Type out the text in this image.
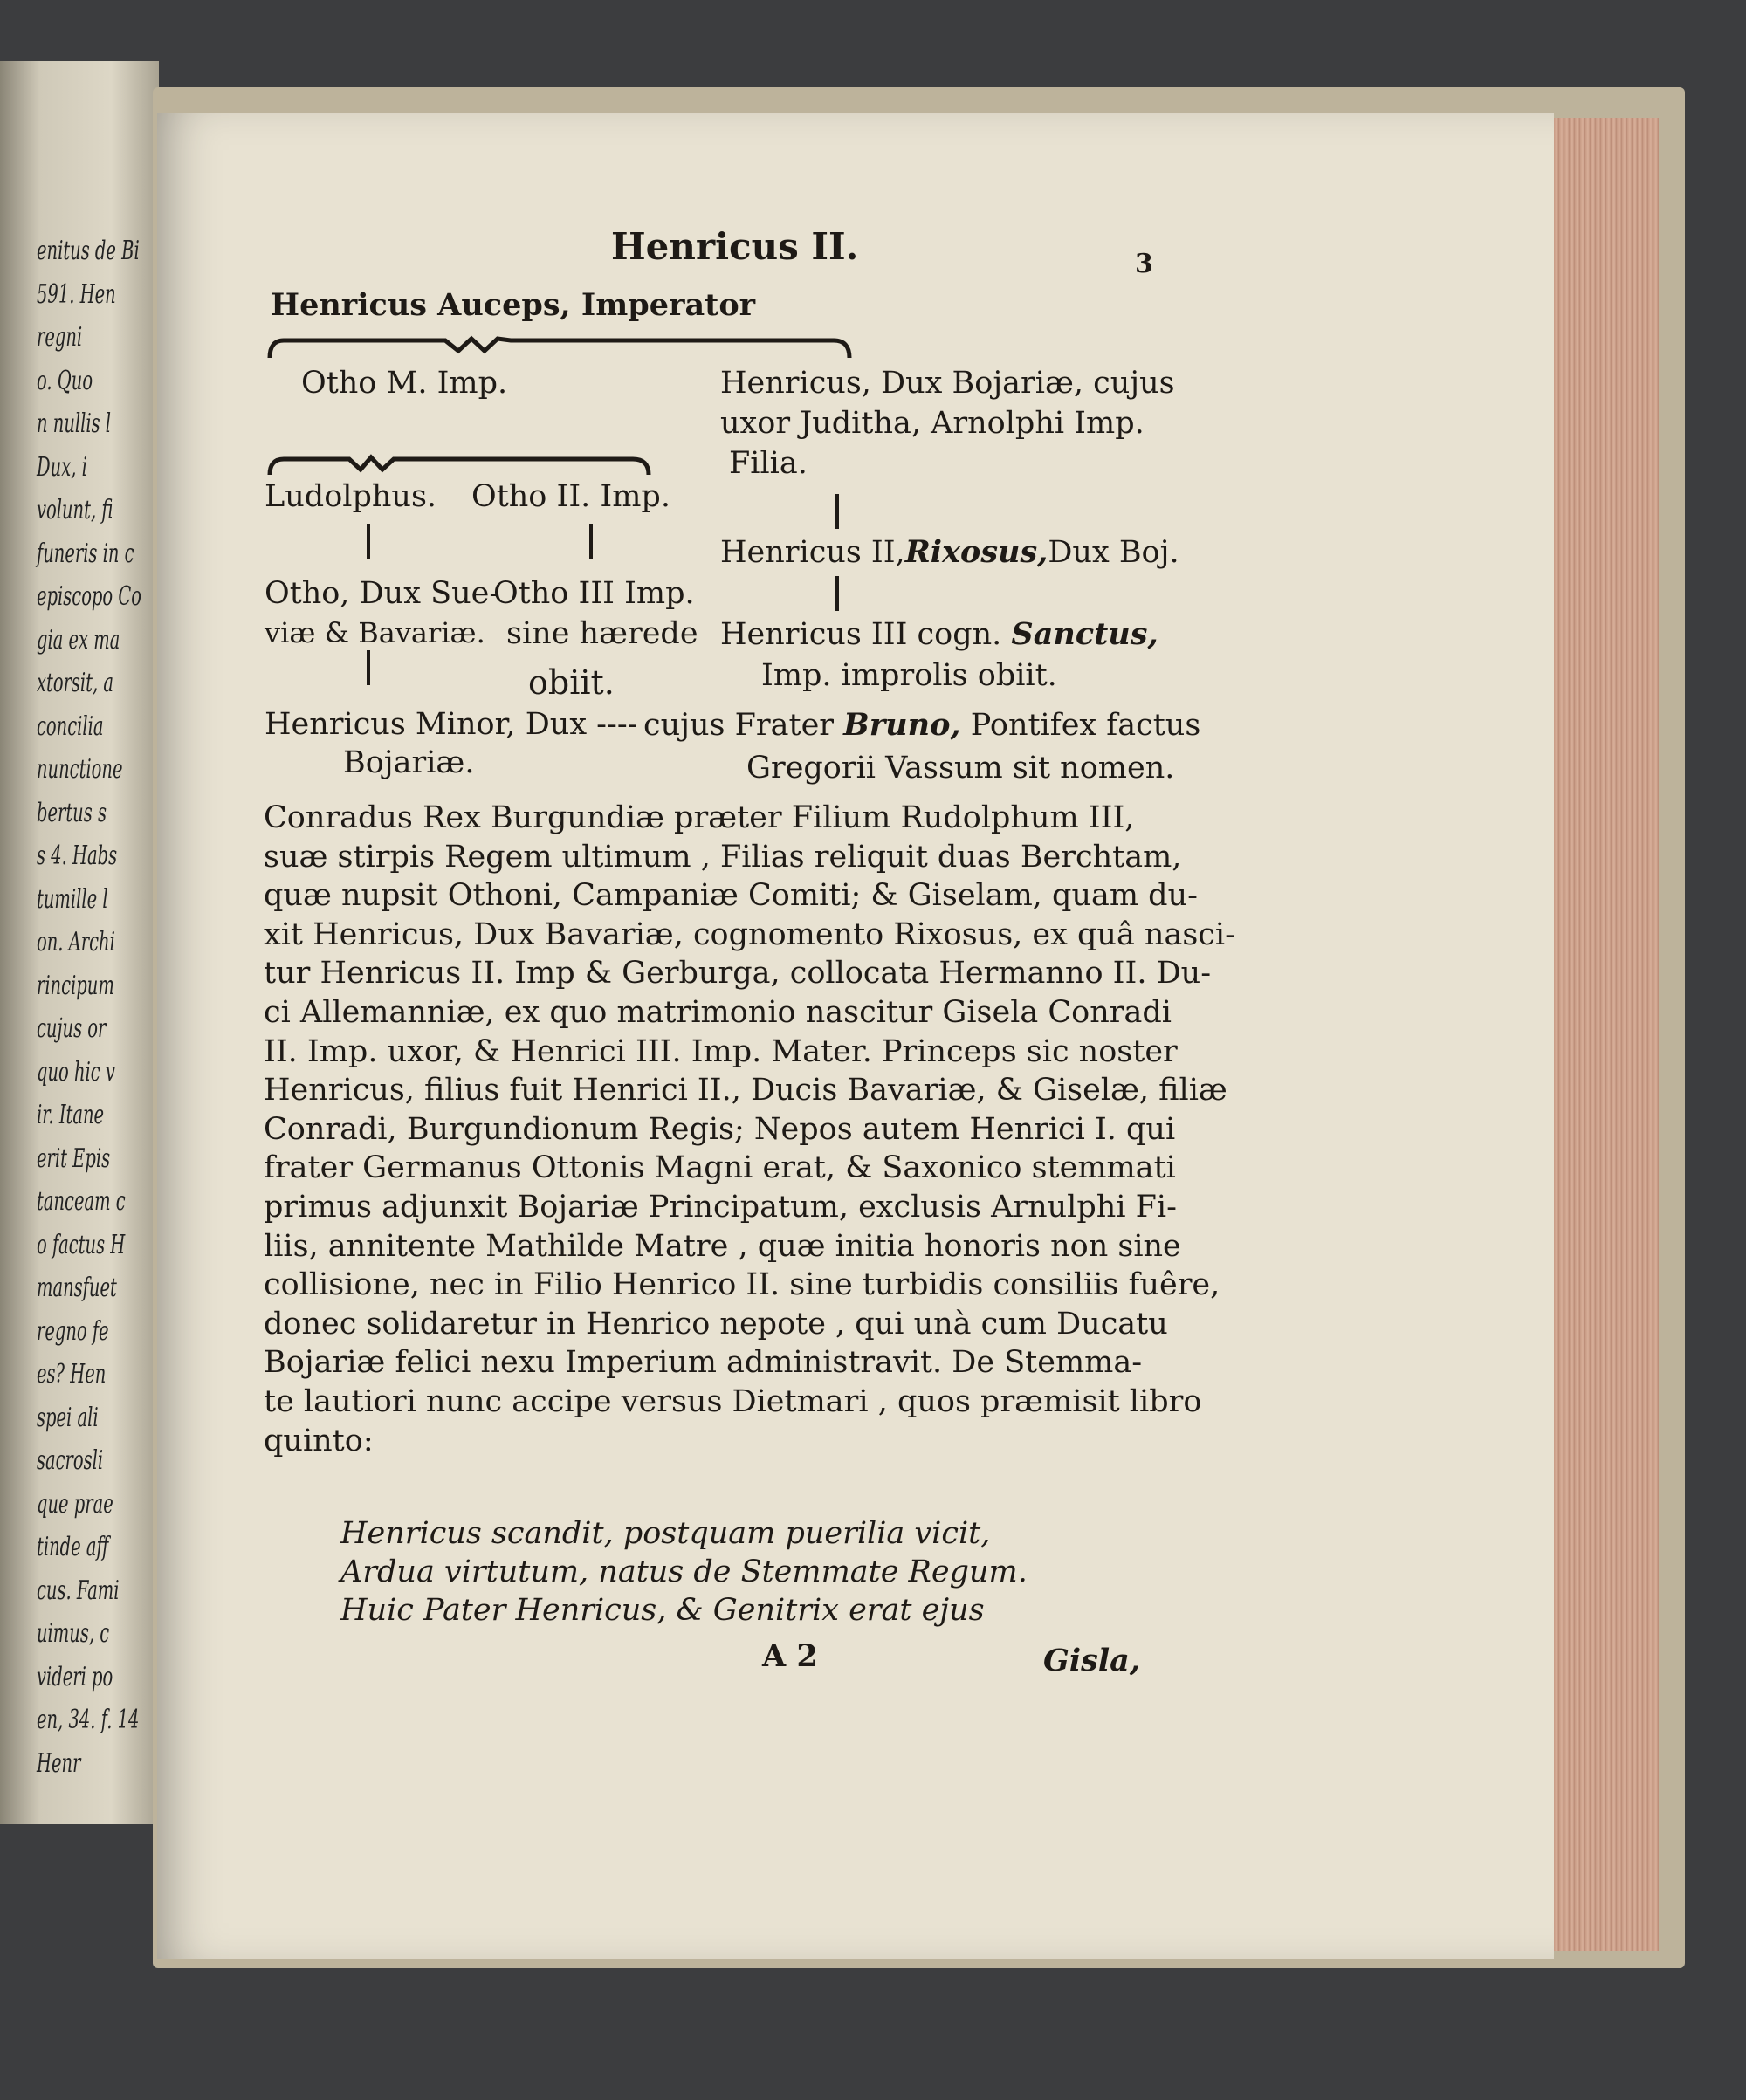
enitus de Bi
591. Hen
regni
o. Quo
n nullis l
Dux, i
volunt, fi
funeris in c
episcopo Co
gia ex ma
xtorsit, a
concilia
nunctione
bertus s
s 4. Habs
tumille l
on. Archi
rincipum
cujus or
quo hic v
ir. Itane
erit Epis
tanceam c
o factus H
mansfuet
regno fe
es? Hen
spei ali
sacrosli
que prae
tinde aff
cus. Fami
uimus, c
videri po
en, 34. f. 14
Henr
Henricus II.	3
Henricus Auceps, Imperator
Otho M. Imp.	Henricus, Dux Bojariæ, cujus
uxor Juditha, Arnolphi Imp.
Filia.
Ludolphus. Otho II. Imp.
Henricus II,Rixosus,Dux Boj.
Otho, Dux Sue-
viæ & Bavariæ.
Otho III Imp.
sine hærede
obiit.
Henricus III cogn. Sanctus,
Imp. improlis obiit.
Henricus Minor, Dux ----
Bojariæ.
cujus Frater Bruno, Pontifex factus
Gregorii Vassum sit nomen.

Conradus Rex Burgundiæ præter Filium Rudolphum III,

suæ stirpis Regem ultimum , Filias reliquit duas Berchtam,

quæ nupsit Othoni, Campaniæ Comiti; & Giselam, quam du-

xit Henricus, Dux Bavariæ, cognomento Rixosus, ex quâ nasci-

tur Henricus II. Imp & Gerburga, collocata Hermanno II. Du-

ci Allemanniæ, ex quo matrimonio nascitur Gisela Conradi

II. Imp. uxor, & Henrici III. Imp. Mater. Princeps sic noster

Henricus, filius fuit Henrici II., Ducis Bavariæ, & Giselæ, filiæ

Conradi, Burgundionum Regis; Nepos autem Henrici I. qui

frater Germanus Ottonis Magni erat, & Saxonico stemmati

primus adjunxit Bojariæ Principatum, exclusis Arnulphi Fi-

liis, annitente Mathilde Matre , quæ initia honoris non sine

collisione, nec in Filio Henrico II. sine turbidis consiliis fuêre,

donec solidaretur in Henrico nepote , qui unà cum Ducatu

Bojariæ felici nexu Imperium administravit. De Stemma-

te lautiori nunc accipe versus Dietmari , quos præmisit libro

quinto:

Henricus scandit, postquam puerilia vicit,

Ardua virtutum, natus de Stemmate Regum.

Huic Pater Henricus, & Genitrix erat ejus

A 2	Gisla,
